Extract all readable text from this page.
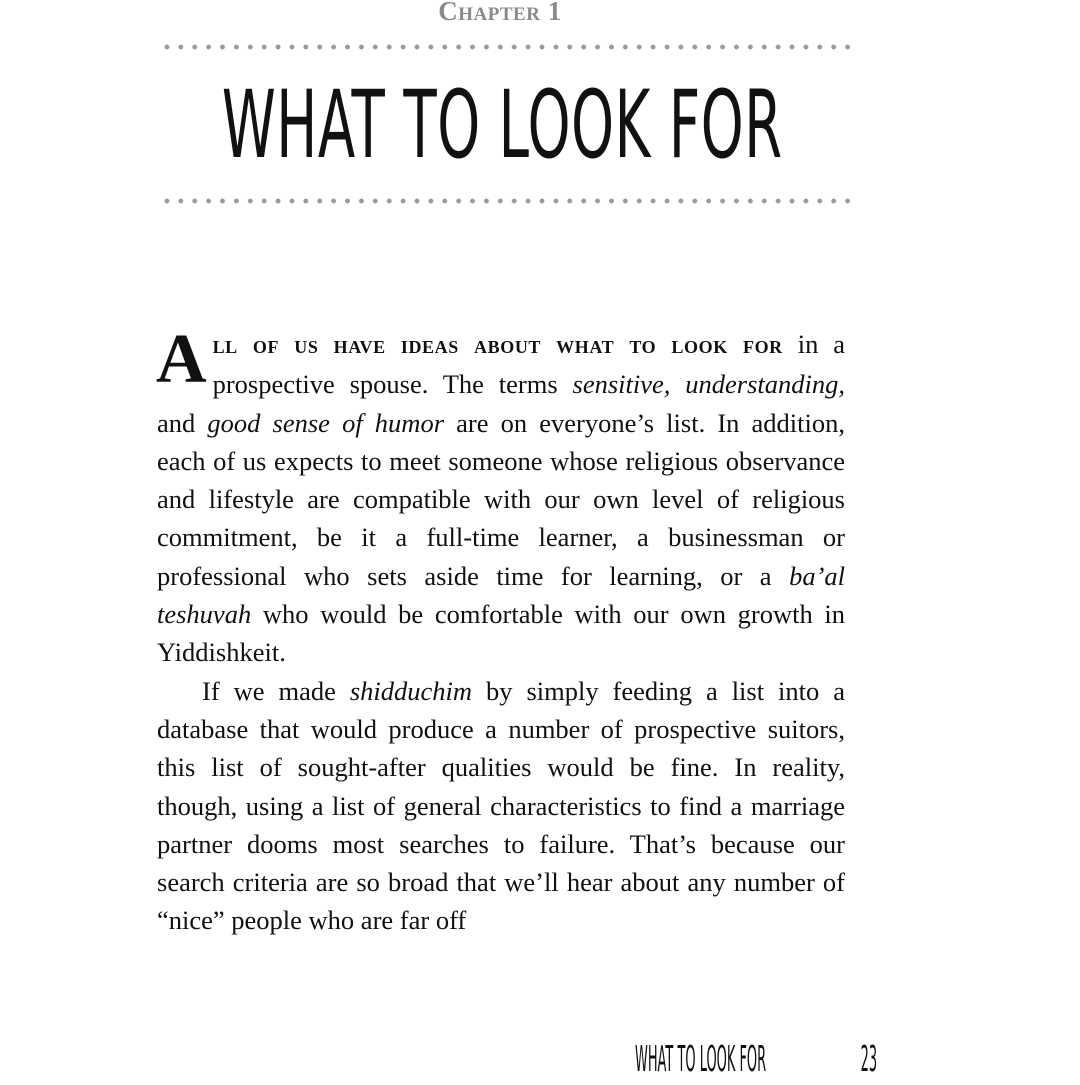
Chapter 1
WHAT TO LOOK FOR

All of us have ideas about what to look for in a prospective spouse. The terms sensitive, understanding, and good sense of humor are on everyone’s list. In addition, each of us expects to meet someone whose religious observance and lifestyle are compatible with our own level of religious commitment, be it a full-time learner, a businessman or professional who sets aside time for learning, or a ba’al teshuvah who would be comfortable with our own growth in Yiddishkeit.

If we made shidduchim by simply feeding a list into a database that would produce a number of prospective suitors, this list of sought-after qualities would be fine. In reality, though, using a list of general characteristics to find a marriage partner dooms most searches to failure. That’s because our search criteria are so broad that we’ll hear about any number of “nice” people who are far off

WHAT TO LOOK FOR	23
